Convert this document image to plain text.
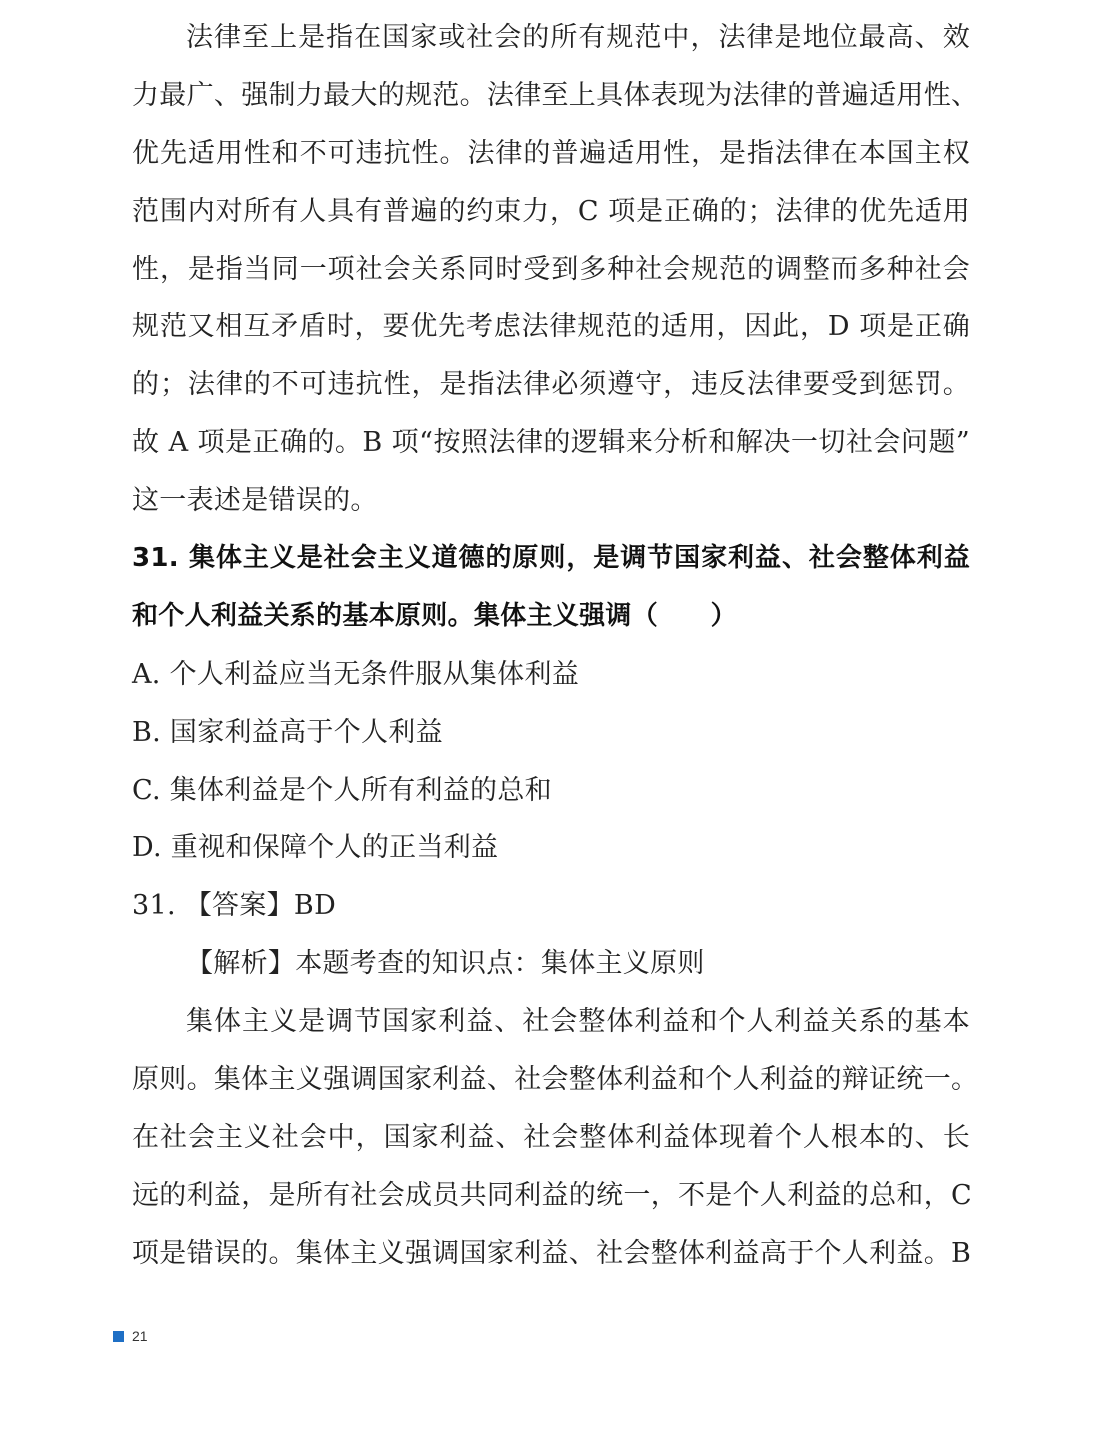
法律至上是指在国家或社会的所有规范中，法律是地位最高、效
力最广、强制力最大的规范。法律至上具体表现为法律的普遍适用性、
优先适用性和不可违抗性。法律的普遍适用性，是指法律在本国主权
范围内对所有人具有普遍的约束力，C 项是正确的；法律的优先适用
性，是指当同一项社会关系同时受到多种社会规范的调整而多种社会
规范又相互矛盾时，要优先考虑法律规范的适用，因此，D 项是正确
的；法律的不可违抗性，是指法律必须遵守，违反法律要受到惩罚。
故 A 项是正确的。B 项“按照法律的逻辑来分析和解决一切社会问题”
这一表述是错误的。
31. 集体主义是社会主义道德的原则，是调节国家利益、社会整体利益
和个人利益关系的基本原则。集体主义强调（　　）
A. 个人利益应当无条件服从集体利益
B. 国家利益高于个人利益
C. 集体利益是个人所有利益的总和
D. 重视和保障个人的正当利益
31. 【答案】BD
【解析】本题考查的知识点：集体主义原则
集体主义是调节国家利益、社会整体利益和个人利益关系的基本
原则。集体主义强调国家利益、社会整体利益和个人利益的辩证统一。
在社会主义社会中，国家利益、社会整体利益体现着个人根本的、长
远的利益，是所有社会成员共同利益的统一，不是个人利益的总和，C
项是错误的。集体主义强调国家利益、社会整体利益高于个人利益。B
21
